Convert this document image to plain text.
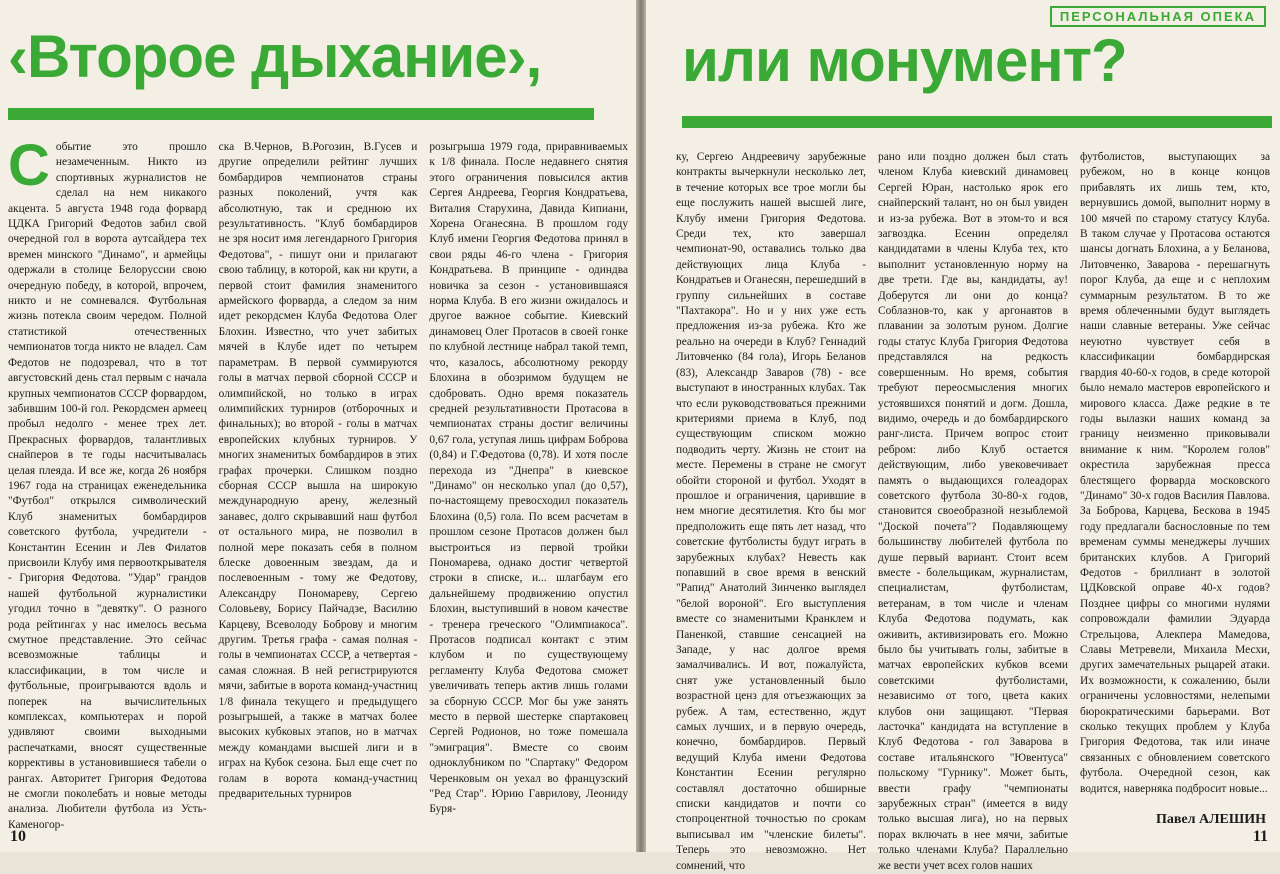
‹Второе дыхание›,
С обытие это прошло незамеченным. Никто из спортивных журналистов не сделал на нем никакого акцента. 5 августа 1948 года форвард ЦДКА Григорий Федотов забил свой очередной гол в ворота аутсайдера тех времен минского "Динамо", и армейцы одержали в столице Белоруссии свою очередную победу, в которой, впрочем, никто и не сомневался. Футбольная жизнь потекла своим чередом. Полной статистикой отечественных чемпионатов тогда никто не владел. Сам Федотов не подозревал, что в тот августовский день стал первым с начала крупных чемпионатов СССР форвардом, забившим 100-й гол. Рекордсмен армеец пробыл недолго - менее трех лет. Прекрасных форвардов, талантливых снайперов в те годы насчитывалась целая плеяда. И все же, когда 26 ноября 1967 года на страницах еженедельника "Футбол" открылся символический Клуб знаменитых бомбардиров советского футбола, учредители - Константин Есенин и Лев Филатов присвоили Клубу имя первооткрывателя - Григория Федотова. "Удар" грандов нашей футбольной журналистики угодил точно в "девятку". О разного рода рейтингах у нас имелось весьма смутное представление. Это сейчас всевозможные таблицы и классификации, в том числе и футбольные, проигрываются вдоль и поперек на вычислительных комплексах, компьютерах и порой удивляют своими выходными распечатками, вносят существенные коррективы в установившиеся табели о рангах. Авторитет Григория Федотова не смогли поколебать и новые методы анализа. Любители футбола из Усть-Каменогор-

ска В.Чернов, В.Рогозин, В.Гусев и другие определили рейтинг лучших бомбардиров чемпионатов страны разных поколений, учтя как абсолютную, так и среднюю их результативность. "Клуб бомбардиров не зря носит имя легендарного Григория Федотова", - пишут они и прилагают свою таблицу, в которой, как ни крути, а первой стоит фамилия знаменитого армейского форварда, а следом за ним идет рекордсмен Клуба Федотова Олег Блохин. Известно, что учет забитых мячей в Клубе идет по четырем параметрам. В первой суммируются голы в матчах первой сборной СССР и олимпийской, но только в играх олимпийских турниров (отборочных и финальных); во второй - голы в матчах европейских клубных турниров. У многих знаменитых бомбардиров в этих графах прочерки. Слишком поздно сборная СССР вышла на широкую международную арену, железный занавес, долго скрывавший наш футбол от остального мира, не позволил в полной мере показать себя в полном блеске довоенным звездам, да и послевоенным - тому же Федотову, Александру Пономареву, Сергею Соловьеву, Борису Пайчадзе, Василию Карцеву, Всеволоду Боброву и многим другим. Третья графа - самая полная - голы в чемпионатах СССР, а четвертая - самая сложная. В ней регистрируются мячи, забитые в ворота команд-участниц 1/8 финала текущего и предыдущего розыгрышей, а также в матчах более высоких кубковых этапов, но в матчах между командами высшей лиги и в играх на Кубок сезона. Был еще счет по голам в ворота команд-участниц предварительных турниров

розыгрыша 1979 года, приравниваемых к 1/8 финала. После недавнего снятия этого ограничения повысился актив Сергея Андреева, Георгия Кондратьева, Виталия Старухина, Давида Кипиани, Хорена Оганесяна. В прошлом году Клуб имени Георгия Федотова принял в свои ряды 46-го члена - Григория Кондратьева. В принципе - одиндва новичка за сезон - установившаяся норма Клуба. В его жизни ожидалось и другое важное событие. Киевский динамовец Олег Протасов в своей гонке по клубной лестнице набрал такой темп, что, казалось, абсолютному рекорду Блохина в обозримом будущем не сдобровать. Одно время показатель средней результативности Протасова в чемпионатах страны достиг величины 0,67 гола, уступая лишь цифрам Боброва (0,84) и Г.Федотова (0,78). И хотя после перехода из "Днепра" в киевское "Динамо" он несколько упал (до 0,57), по-настоящему превосходил показатель Блохина (0,5) гола. По всем расчетам в прошлом сезоне Протасов должен был выстроиться из первой тройки Пономарева, однако достиг четвертой строки в списке, и... шлагбаум его дальнейшему продвижению опустил Блохин, выступивший в новом качестве - тренера греческого "Олимпиакоса". Протасов подписал контакт с этим клубом и по существующему регламенту Клуба Федотова сможет увеличивать теперь актив лишь голами за сборную СССР. Мог бы уже занять место в первой шестерке спартаковец Сергей Родионов, но тоже помешала "эмиграция". Вместе со своим одноклубником по "Спартаку" Федором Черенковым он уехал во французский "Ред Стар". Юрию Гаврилову, Леониду Буря-

10
ПЕРСОНАЛЬНАЯ ОПЕКА
или монумент?

ку, Сергею Андреевичу зарубежные контракты вычеркнули несколько лет, в течение которых все трое могли бы еще послужить нашей высшей лиге, Клубу имени Григория Федотова. Среди тех, кто завершал чемпионат-90, оставались только два действующих лица Клуба - Кондратьев и Оганесян, перешедший в группу сильнейших в составе "Пахтакора". Но и у них уже есть предложения из-за рубежа. Кто же реально на очереди в Клуб? Геннадий Литовченко (84 гола), Игорь Беланов (83), Александр Заваров (78) - все выступают в иностранных клубах. Так что если руководствоваться прежними критериями приема в Клуб, под существующим списком можно подводить черту. Жизнь не стоит на месте. Перемены в стране не смогут обойти стороной и футбол. Уходят в прошлое и ограничения, царившие в нем многие десятилетия. Кто бы мог предположить еще пять лет назад, что советские футболисты будут играть в зарубежных клубах? Невесть как попавший в свое время в венский "Рапид" Анатолий Зинченко выглядел "белой вороной". Его выступления вместе со знаменитыми Кранклем и Паненкой, ставшие сенсацией на Западе, у нас долгое время замалчивались. И вот, пожалуйста, снят уже установленный было возрастной ценз для отъезжающих за рубеж. А там, естественно, ждут самых лучших, и в первую очередь, конечно, бомбардиров. Первый ведущий Клуба имени Федотова Константин Есенин регулярно составлял достаточно обширные списки кандидатов и почти со стопроцентной точностью по срокам выписывал им "членские билеты". Теперь это невозможно. Нет сомнений, что

рано или поздно должен был стать членом Клуба киевский динамовец Сергей Юран, настолько ярок его снайперский талант, но он был увиден и из-за рубежа. Вот в этом-то и вся загвоздка. Есенин определял кандидатами в члены Клуба тех, кто выполнит установленную норму на две трети. Где вы, кандидаты, ау! Доберутся ли они до конца? Соблазнов-то, как у аргонавтов в плавании за золотым руном. Долгие годы статус Клуба Григория Федотова представлялся на редкость совершенным. Но время, события требуют переосмысления многих устоявшихся понятий и догм. Дошла, видимо, очередь и до бомбардирского ранг-листа. Причем вопрос стоит ребром: либо Клуб остается действующим, либо увековечивает память о выдающихся голеадорах советского футбола 30-80-х годов, становится своеобразной незыблемой "Доской почета"? Подавляющему большинству любителей футбола по душе первый вариант. Стоит всем вместе - болельщикам, журналистам, специалистам, футболистам, ветеранам, в том числе и членам Клуба Федотова подумать, как оживить, активизировать его. Можно было бы учитывать голы, забитые в матчах европейских кубков всеми советскими футболистами, независимо от того, цвета каких клубов они защищают. "Первая ласточка" кандидата на вступление в Клуб Федотова - гол Заварова в составе итальянского "Ювентуса" польскому "Гурнику". Может быть, ввести графу "чемпионаты зарубежных стран" (имеется в виду только высшая лига), но на первых порах включать в нее мячи, забитые только членами Клуба? Параллельно же вести учет всех голов наших

футболистов, выступающих за рубежом, но в конце концов прибавлять их лишь тем, кто, вернувшись домой, выполнит норму в 100 мячей по старому статусу Клуба. В таком случае у Протасова остаются шансы догнать Блохина, а у Беланова, Литовченко, Заварова - перешагнуть порог Клуба, да еще и с неплохим суммарным результатом. В то же время облеченными будут выглядеть наши славные ветераны. Уже сейчас неуютно чувствует себя в классификации бомбардирская гвардия 40-60-х годов, в среде которой было немало мастеров европейского и мирового класса. Даже редкие в те годы вылазки наших команд за границу неизменно приковывали внимание к ним. "Королем голов" окрестила зарубежная пресса блестящего форварда московского "Динамо" 30-х годов Василия Павлова. За Боброва, Карцева, Бескова в 1945 году предлагали баснословные по тем временам суммы менеджеры лучших британских клубов. А Григорий Федотов - бриллиант в золотой ЦДКовской оправе 40-х годов? Позднее цифры со многими нулями сопровождали фамилии Эдуарда Стрельцова, Алекпера Мамедова, Славы Метревели, Михаила Месхи, других замечательных рыцарей атаки. Их возможности, к сожалению, были ограничены условностями, нелепыми бюрократическими барьерами. Вот сколько текущих проблем у Клуба Григория Федотова, так или иначе связанных с обновлением советского футбола. Очередной сезон, как водится, наверняка подбросит новые...

Павел АЛЕШИН
11
